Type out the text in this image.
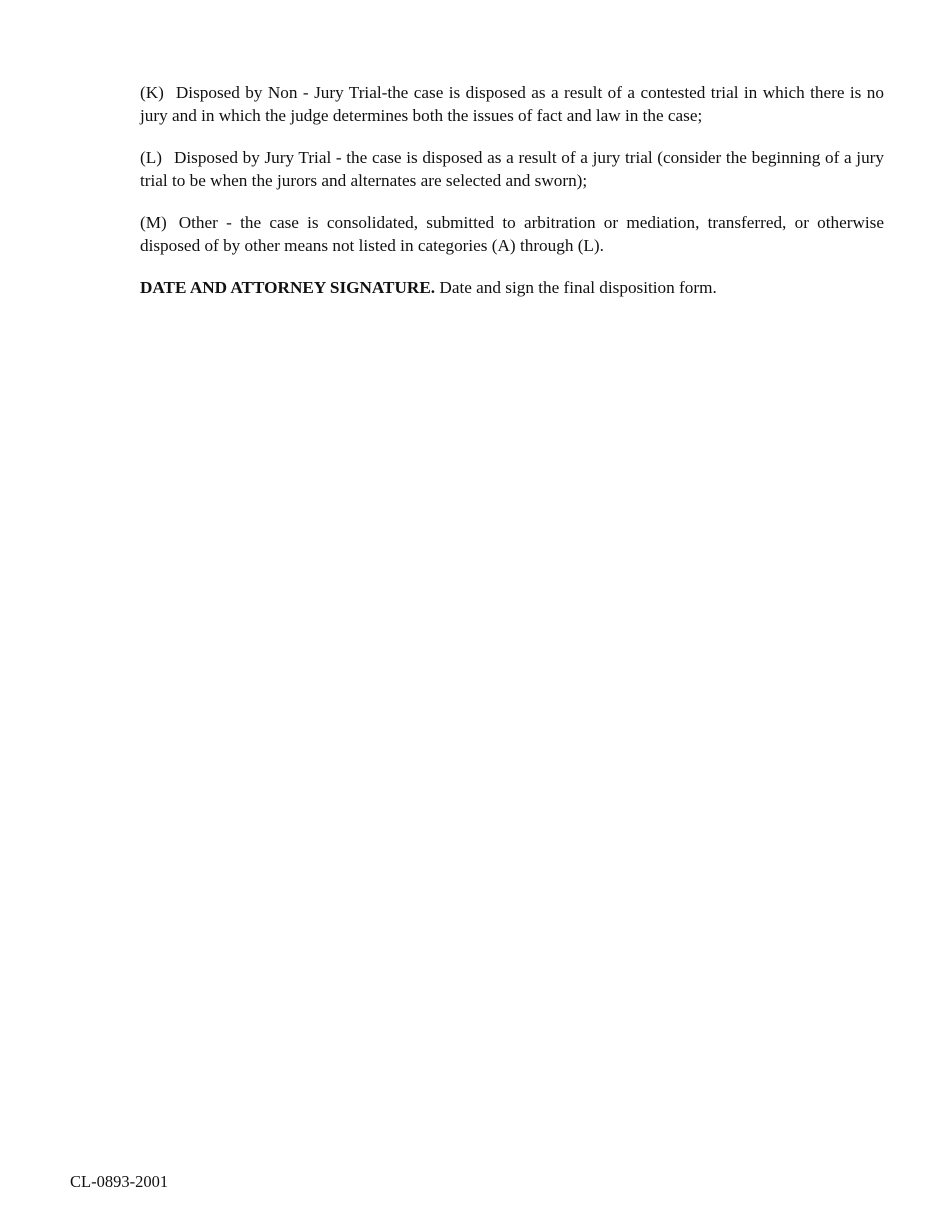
(K) Disposed by Non - Jury Trial-the case is disposed as a result of a contested trial in which there is no jury and in which the judge determines both the issues of fact and law in the case;

(L) Disposed by Jury Trial - the case is disposed as a result of a jury trial (consider the beginning of a jury trial to be when the jurors and alternates are selected and sworn);

(M) Other - the case is consolidated, submitted to arbitration or mediation, transferred, or otherwise disposed of by other means not listed in categories (A) through (L).

DATE AND ATTORNEY SIGNATURE. Date and sign the final disposition form.

CL-0893-2001
